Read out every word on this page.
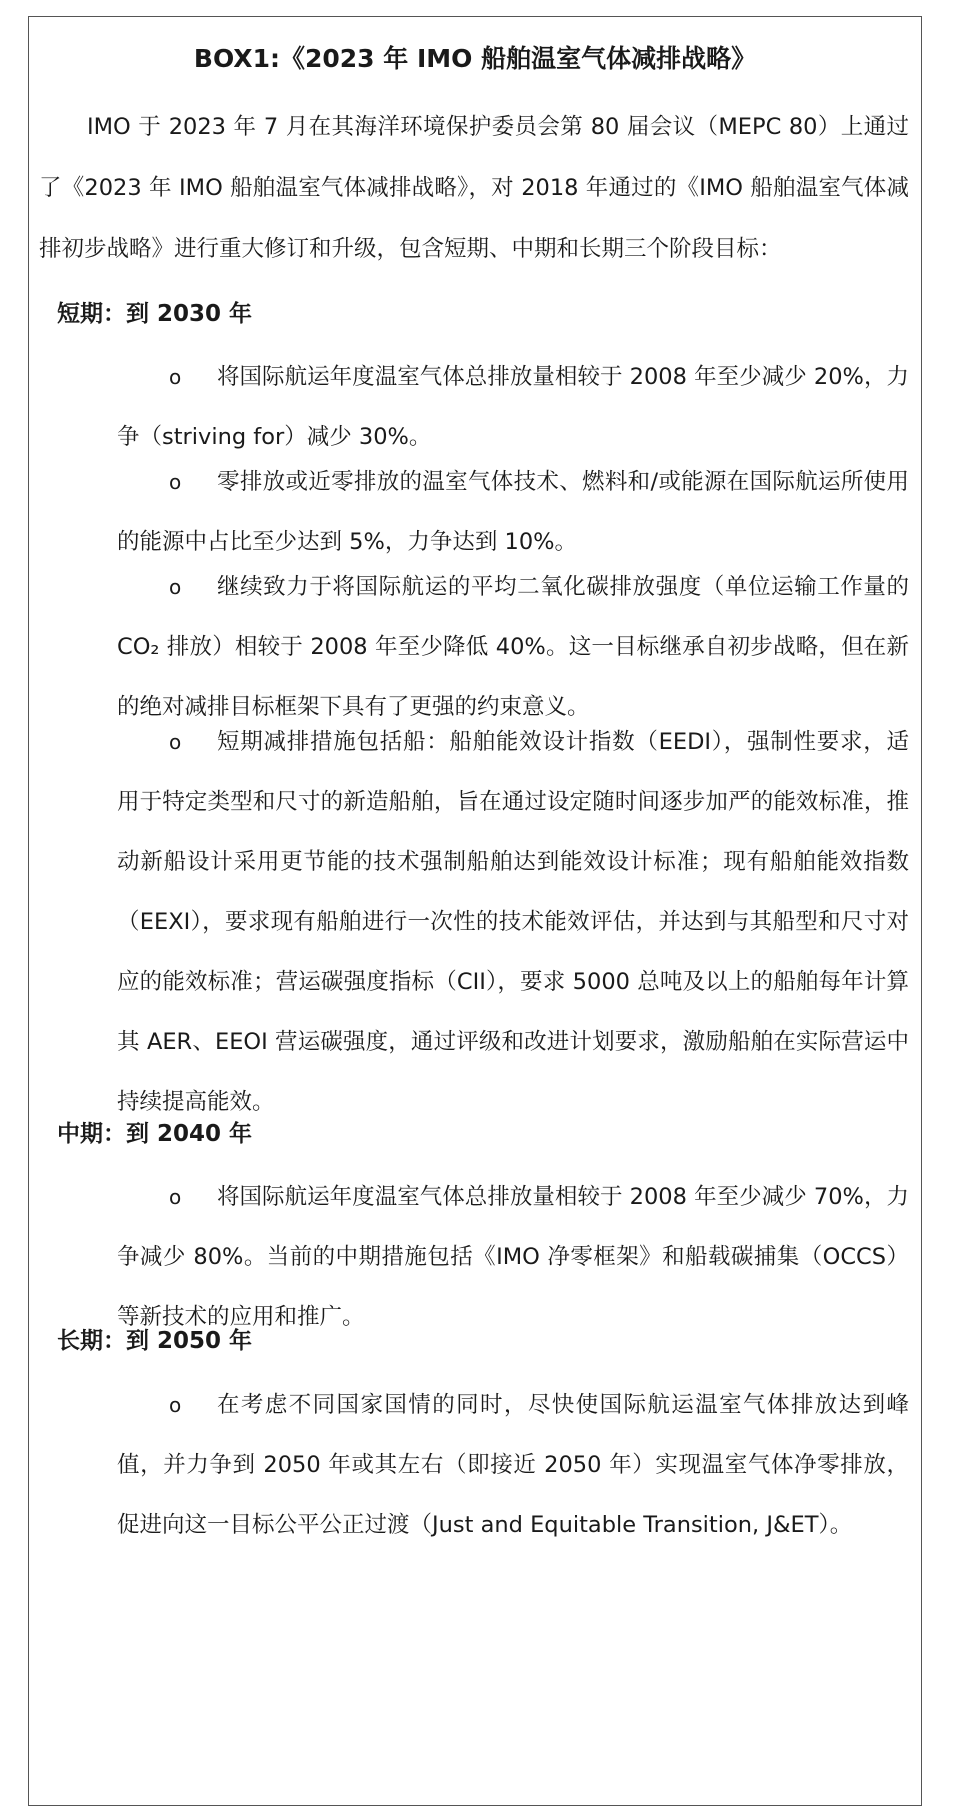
BOX1:《2023 年 IMO 船舶温室气体减排战略》
IMO 于 2023 年 7 月在其海洋环境保护委员会第 80 届会议（MEPC 80）上通过了《2023 年 IMO 船舶温室气体减排战略》，对 2018 年通过的《IMO 船舶温室气体减排初步战略》进行重大修订和升级，包含短期、中期和长期三个阶段目标：
短期：到 2030 年
o	将国际航运年度温室气体总排放量相较于 2008 年至少减少 20%，力争（striving for）减少 30%。
o	零排放或近零排放的温室气体技术、燃料和/或能源在国际航运所使用的能源中占比至少达到 5%，力争达到 10%。
o	继续致力于将国际航运的平均二氧化碳排放强度（单位运输工作量的 CO₂ 排放）相较于 2008 年至少降低 40%。这一目标继承自初步战略，但在新的绝对减排目标框架下具有了更强的约束意义。
o	短期减排措施包括船：船舶能效设计指数（EEDI），强制性要求，适用于特定类型和尺寸的新造船舶，旨在通过设定随时间逐步加严的能效标准，推动新船设计采用更节能的技术强制船舶达到能效设计标准；现有船舶能效指数（EEXI），要求现有船舶进行一次性的技术能效评估，并达到与其船型和尺寸对应的能效标准；营运碳强度指标（CII），要求 5000 总吨及以上的船舶每年计算其 AER、EEOI 营运碳强度，通过评级和改进计划要求，激励船舶在实际营运中持续提高能效。
中期：到 2040 年
o	将国际航运年度温室气体总排放量相较于 2008 年至少减少 70%，力争减少 80%。当前的中期措施包括《IMO 净零框架》和船载碳捕集（OCCS）等新技术的应用和推广。
长期：到 2050 年
o	在考虑不同国家国情的同时，尽快使国际航运温室气体排放达到峰值，并力争到 2050 年或其左右（即接近 2050 年）实现温室气体净零排放，促进向这一目标公平公正过渡（Just and Equitable Transition, J&ET）。
